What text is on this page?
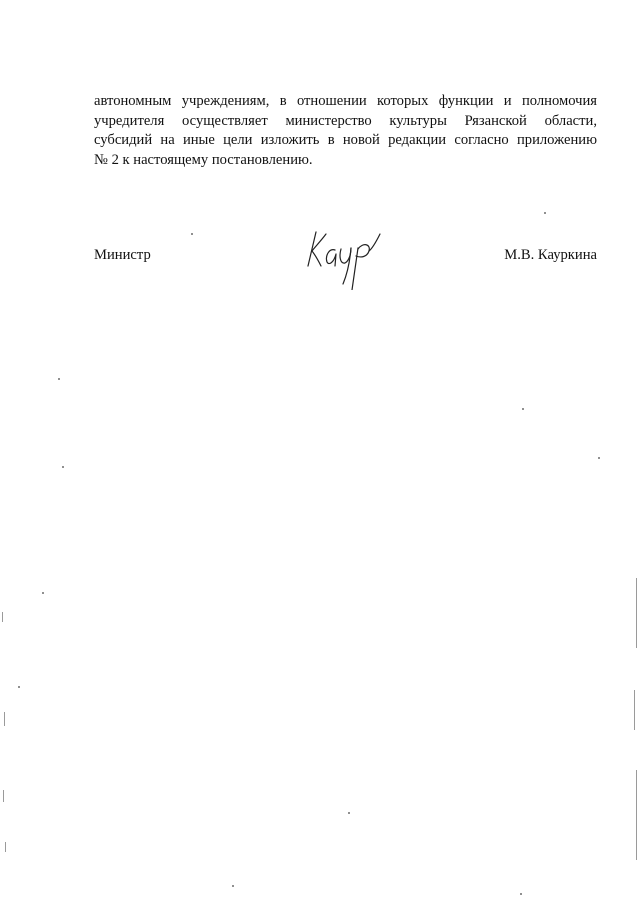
автономным учреждениям, в отношении которых функции и полномочия
учредителя осуществляет министерство культуры Рязанской области,
субсидий на иные цели изложить в новой редакции согласно приложению
№ 2 к настоящему постановлению.

Министр	М.В. Кауркина
